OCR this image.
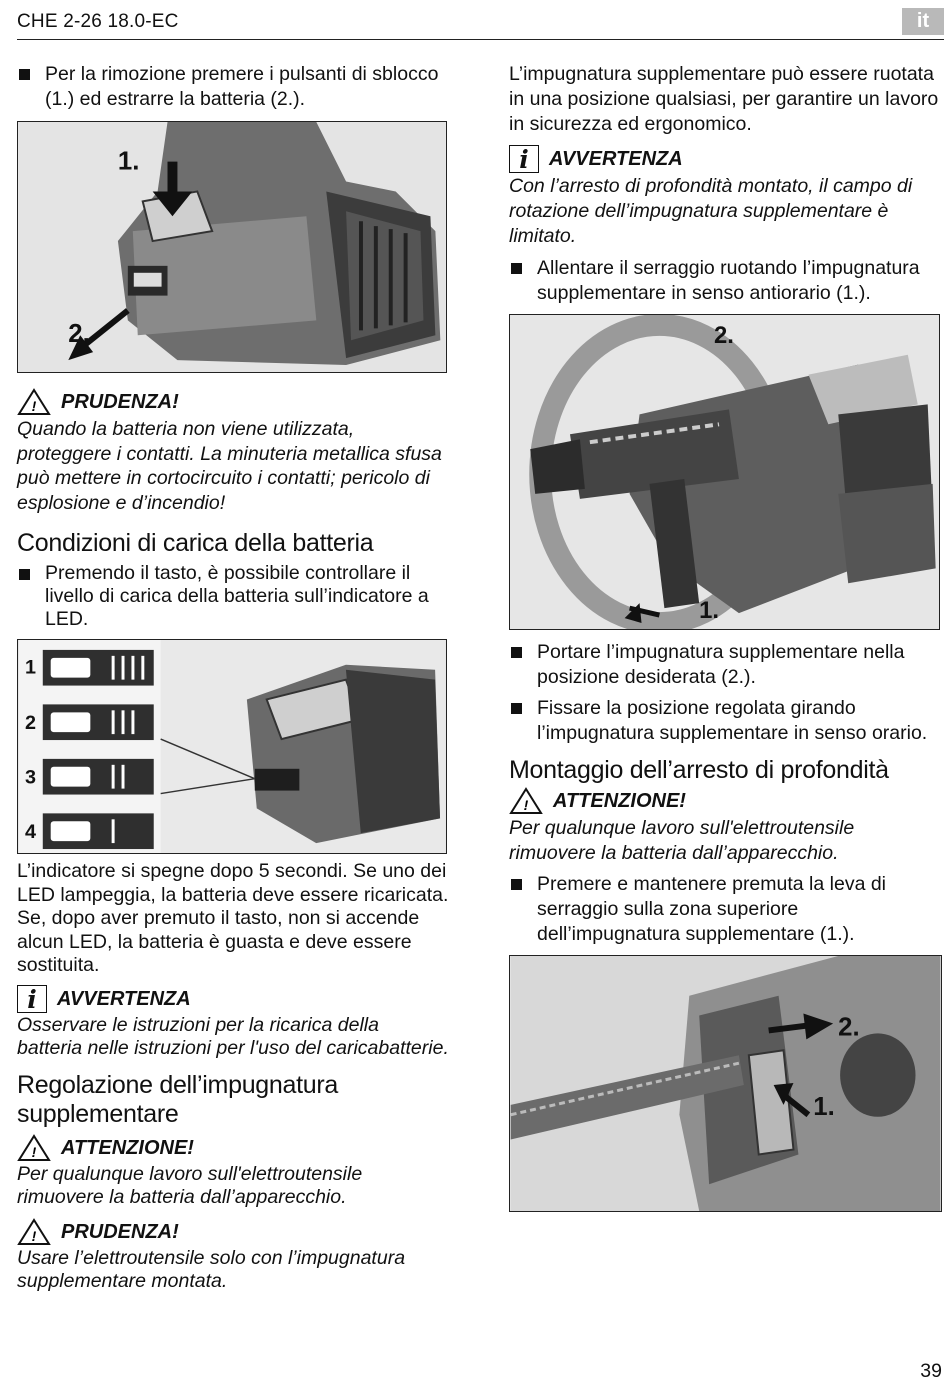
CHE 2-26 18.0-EC	it
Per la rimozione premere i pulsanti di sblocco (1.) ed estrarre la batteria (2.).
1.
2.
! PRUDENZA!
Quando la batteria non viene utilizzata, proteggere i contatti. La minuteria metallica sfusa può mettere in cortocircuito i contatti; pericolo di esplosione e d’incendio!
Condizioni di carica della batteria
Premendo il tasto, è possibile controllare il livello di carica della batteria sull’indicatore a LED.
1
2
3
4
L’indicatore si spegne dopo 5 secondi. Se uno dei LED lampeggia, la batteria deve essere ricaricata. Se, dopo aver premuto il tasto, non si accende alcun LED, la batteria è guasta e deve essere sostituita.
i	AVVERTENZA
Osservare le istruzioni per la ricarica della batteria nelle istruzioni per l'uso del caricabatterie.
Regolazione dell’impugnatura supplementare
! ATTENZIONE!
Per qualunque lavoro sull'elettroutensile rimuovere la batteria dall’apparecchio.
! PRUDENZA!
Usare l’elettroutensile solo con l’impugnatura supplementare montata.
L’impugnatura supplementare può essere ruotata in una posizione qualsiasi, per garantire un lavoro in sicurezza ed ergonomico.
i	AVVERTENZA
Con l’arresto di profondità montato, il campo di rotazione dell’impugnatura supplementare è limitato.
Allentare il serraggio ruotando l’impugnatura supplementare in senso antiorario (1.).
1.
2.
Portare l’impugnatura supplementare nella posizione desiderata (2.).
Fissare la posizione regolata girando l’impugnatura supplementare in senso orario.
Montaggio dell’arresto di profondità
! ATTENZIONE!
Per qualunque lavoro sull'elettroutensile rimuovere la batteria dall’apparecchio.
Premere e mantenere premuta la leva di serraggio sulla zona superiore dell’impugnatura supplementare (1.).
2.
1.
39
